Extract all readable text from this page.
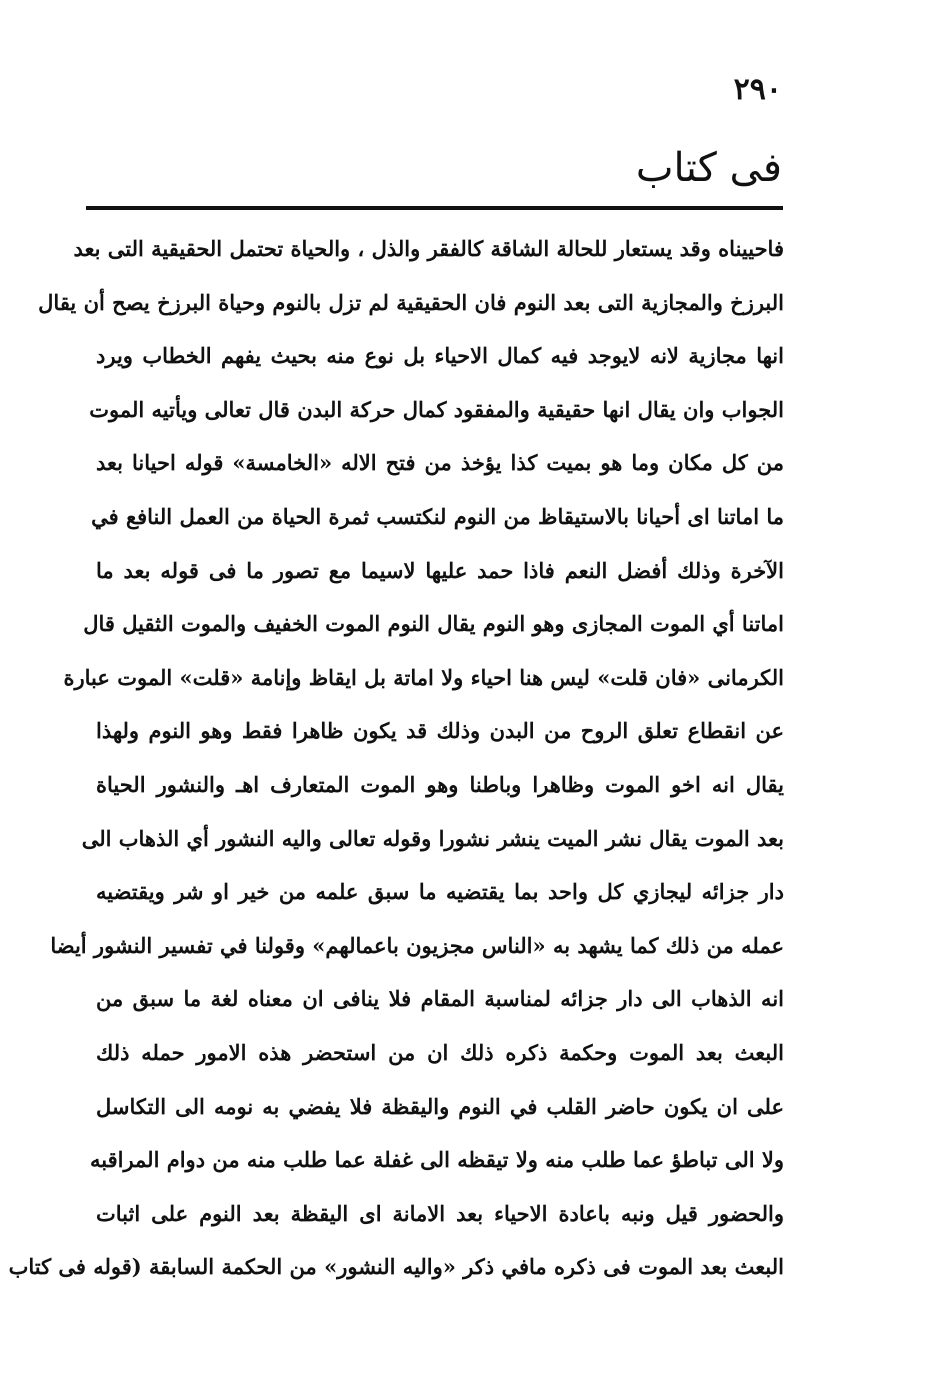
٢٩٠
فى كتاب
فاحييناه وقد يستعار للحالة الشاقة كالفقر والذل ، والحياة تحتمل الحقيقية التى بعد
البرزخ والمجازية التى بعد النوم فان الحقيقية لم تزل بالنوم وحياة البرزخ يصح أن يقال
انها مجازية لانه لايوجد فيه كمال الاحياء بل نوع منه بحيث يفهم الخطاب ويرد
الجواب وان يقال انها حقيقية والمفقود كمال حركة البدن قال تعالى ويأتيه الموت
من كل مكان وما هو بميت كذا يؤخذ من فتح الاله «الخامسة» قوله احيانا بعد
ما اماتنا اى أحيانا بالاستيقاظ من النوم لنكتسب ثمرة الحياة من العمل النافع في
الآخرة وذلك أفضل النعم فاذا حمد عليها لاسيما مع تصور ما فى قوله بعد ما
اماتنا أي الموت المجازى وهو النوم يقال النوم الموت الخفيف والموت الثقيل قال
الكرمانى «فان قلت» ليس هنا احياء ولا اماتة بل ايقاظ وإنامة «قلت» الموت عبارة
عن انقطاع تعلق الروح من البدن وذلك قد يكون ظاهرا فقط وهو النوم ولهذا
يقال انه اخو الموت وظاهرا وباطنا وهو الموت المتعارف اهـ والنشور الحياة
بعد الموت يقال نشر الميت ينشر نشورا وقوله تعالى واليه النشور أي الذهاب الى
دار جزائه ليجازي كل واحد بما يقتضيه ما سبق علمه من خير او شر ويقتضيه
عمله من ذلك كما يشهد به «الناس مجزيون باعمالهم» وقولنا في تفسير النشور أيضا
انه الذهاب الى دار جزائه لمناسبة المقام فلا ينافى ان معناه لغة ما سبق من
البعث بعد الموت وحكمة ذكره ذلك ان من استحضر هذه الامور حمله ذلك
على ان يكون حاضر القلب في النوم واليقظة فلا يفضي به نومه الى التكاسل
ولا الى تباطؤ عما طلب منه ولا تيقظه الى غفلة عما طلب منه من دوام المراقبه
والحضور قيل ونبه باعادة الاحياء بعد الامانة اى اليقظة بعد النوم على اثبات
البعث بعد الموت فى ذكره مافي ذكر «واليه النشور» من الحكمة السابقة (قوله فى كتاب
